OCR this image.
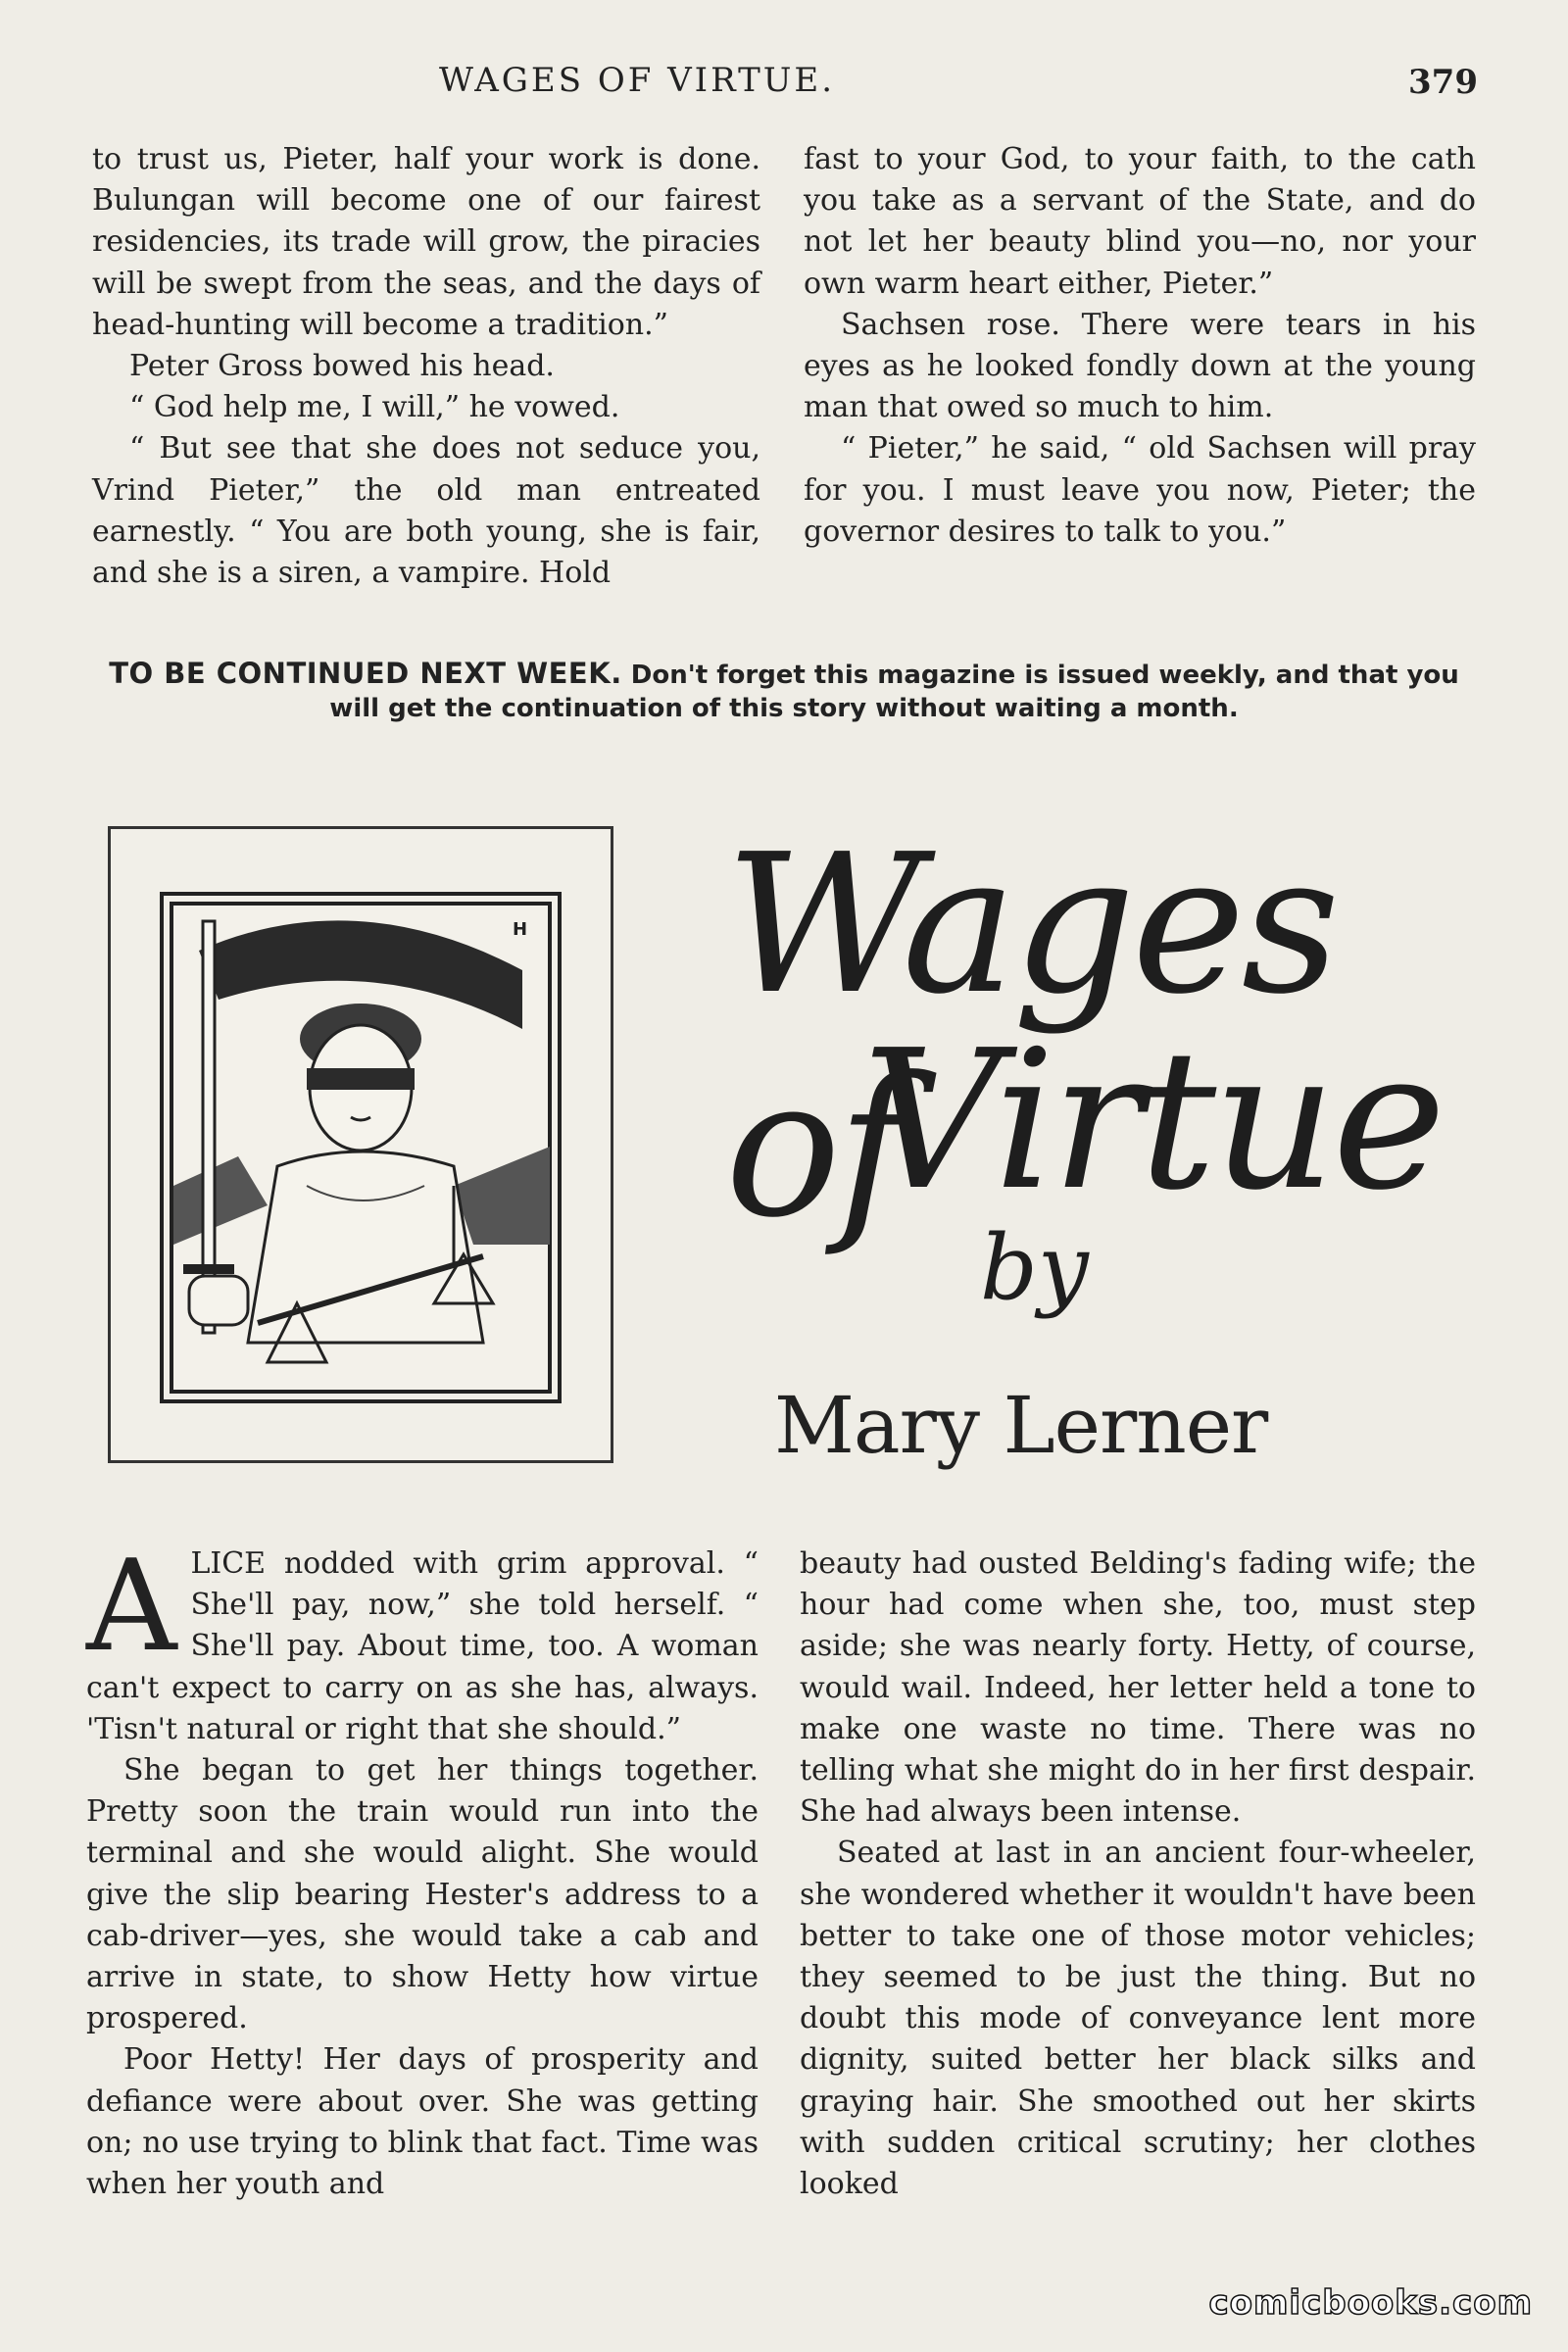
WAGES OF VIRTUE.	379

to trust us, Pieter, half your work is done. Bulungan will become one of our fairest residencies, its trade will grow, the piracies will be swept from the seas, and the days of head-hunting will become a tradition.”

Peter Gross bowed his head.

“ God help me, I will,” he vowed.

“ But see that she does not seduce you, Vrind Pieter,” the old man entreated earnestly. “ You are both young, she is fair, and she is a siren, a vampire. Hold

fast to your God, to your faith, to the cath you take as a servant of the State, and do not let her beauty blind you—no, nor your own warm heart either, Pieter.”

Sachsen rose. There were tears in his eyes as he looked fondly down at the young man that owed so much to him.

“ Pieter,” he said, “ old Sachsen will pray for you. I must leave you now, Pieter; the governor desires to talk to you.”

TO BE CONTINUED NEXT WEEK. Don't forget this magazine is issued weekly, and that you will get the continuation of this story without waiting a month.
H Wages of
Virtue
by
Mary Lerner

ALICE nodded with grim approval. “ She'll pay, now,” she told herself. “ She'll pay. About time, too. A woman can't expect to carry on as she has, always. 'Tisn't natural or right that she should.”

She began to get her things together. Pretty soon the train would run into the terminal and she would alight. She would give the slip bearing Hester's address to a cab-driver—yes, she would take a cab and arrive in state, to show Hetty how virtue prospered.

Poor Hetty! Her days of prosperity and defiance were about over. She was getting on; no use trying to blink that fact. Time was when her youth and

beauty had ousted Belding's fading wife; the hour had come when she, too, must step aside; she was nearly forty. Hetty, of course, would wail. Indeed, her letter held a tone to make one waste no time. There was no telling what she might do in her first despair. She had always been intense.

Seated at last in an ancient four-wheeler, she wondered whether it wouldn't have been better to take one of those motor vehicles; they seemed to be just the thing. But no doubt this mode of conveyance lent more dignity, suited better her black silks and graying hair. She smoothed out her skirts with sudden critical scrutiny; her clothes looked

comicbooks.com
